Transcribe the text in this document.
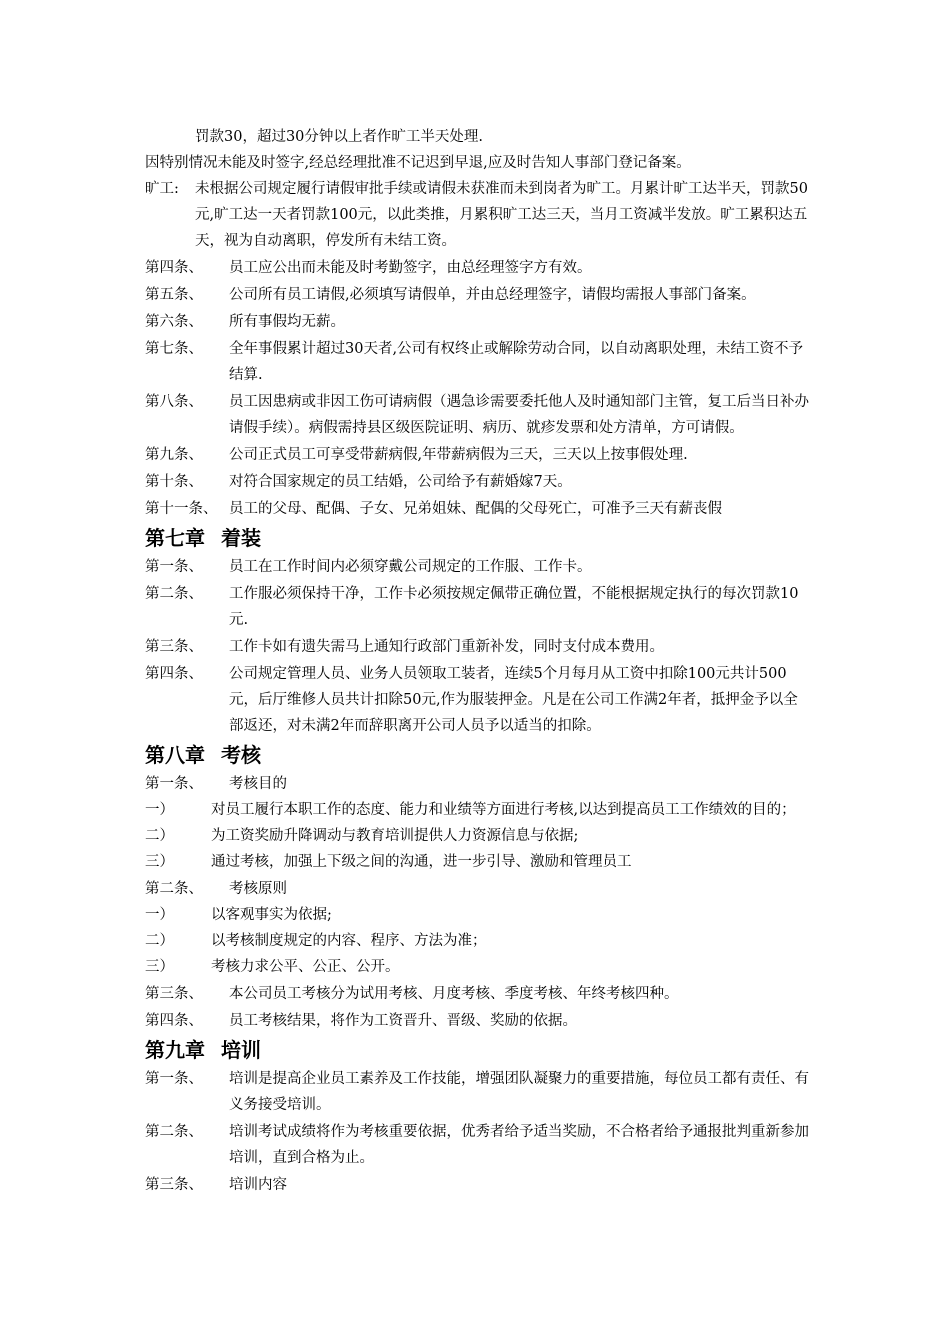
罚款30，超过30分钟以上者作旷工半天处理.
因特别情况未能及时签字,经总经理批准不记迟到早退,应及时告知人事部门登记备案。
旷工:	未根据公司规定履行请假审批手续或请假未获准而未到岗者为旷工。月累计旷工达半天，罚款50元,旷工达一天者罚款100元，以此类推，月累积旷工达三天，当月工资减半发放。旷工累积达五天，视为自动离职，停发所有未结工资。
第四条、	员工应公出而未能及时考勤签字，由总经理签字方有效。
第五条、	公司所有员工请假,必须填写请假单，并由总经理签字，请假均需报人事部门备案。
第六条、	所有事假均无薪。
第七条、	全年事假累计超过30天者,公司有权终止或解除劳动合同，以自动离职处理，未结工资不予结算.
第八条、	员工因患病或非因工伤可请病假（遇急诊需要委托他人及时通知部门主管，复工后当日补办请假手续）。病假需持县区级医院证明、病历、就疹发票和处方清单，方可请假。
第九条、	公司正式员工可享受带薪病假,年带薪病假为三天，三天以上按事假处理.
第十条、	对符合国家规定的员工结婚，公司给予有薪婚嫁7天。
第十一条、 员工的父母、配偶、子女、兄弟姐妹、配偶的父母死亡，可准予三天有薪丧假
第七章 着装
第一条、	员工在工作时间内必须穿戴公司规定的工作服、工作卡。
第二条、	工作服必须保持干净，工作卡必须按规定佩带正确位置，不能根据规定执行的每次罚款10元.
第三条、	工作卡如有遗失需马上通知行政部门重新补发，同时支付成本费用。
第四条、	公司规定管理人员、业务人员领取工装者，连续5个月每月从工资中扣除100元共计500元，后厅维修人员共计扣除50元,作为服装押金。凡是在公司工作满2年者，抵押金予以全部返还，对未满2年而辞职离开公司人员予以适当的扣除。
第八章 考核
第一条、	考核目的
一）	对员工履行本职工作的态度、能力和业绩等方面进行考核,以达到提高员工工作绩效的目的；
二）	为工资奖励升降调动与教育培训提供人力资源信息与依据;
三）	通过考核，加强上下级之间的沟通，进一步引导、激励和管理员工
第二条、	考核原则
一）	以客观事实为依据;
二）	以考核制度规定的内容、程序、方法为准；
三）	考核力求公平、公正、公开。
第三条、	本公司员工考核分为试用考核、月度考核、季度考核、年终考核四种。
第四条、	员工考核结果，将作为工资晋升、晋级、奖励的依据。
第九章 培训
第一条、	培训是提高企业员工素养及工作技能，增强团队凝聚力的重要措施，每位员工都有责任、有义务接受培训。
第二条、	培训考试成绩将作为考核重要依据，优秀者给予适当奖励，不合格者给予通报批判重新参加培训，直到合格为止。
第三条、	培训内容
